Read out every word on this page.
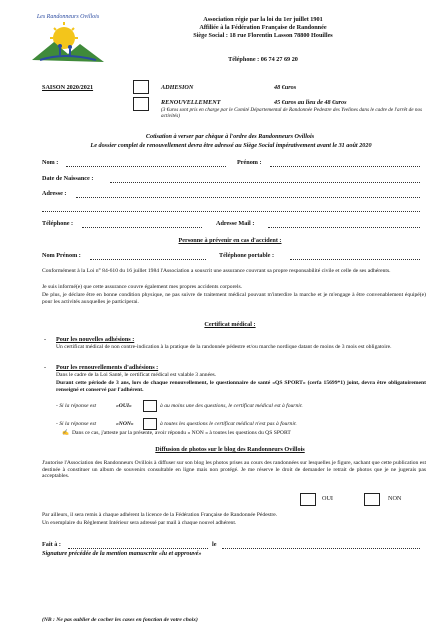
Les Randonneurs Ovillois	Association régie par la loi du 1er juillet 1901
Affiliée à la Fédération Française de Randonnée
Siège Social : 18 rue Florentin Lasson 78800 Houilles
Téléphone : 06 74 27 69 20
SAISON 2020/2021	ADHESION	48 €uros
RENOUVELLEMENT	45 €uros au lieu de 48 €uros
(3 €uros sont pris en charge par le Comité Départemental de Randonnée Pedestre des Yvelines dans le cadre de l'arrêt de nos activités)
Cotisation à verser par chèque à l'ordre des Randonneurs Ovillois
Le dossier complet de renouvellement devra être adressé au Siège Social impérativement avant le 31 août 2020
Nom :	Prénom :
Date de Naissance :
Adresse :
Téléphone :	Adresse Mail :
Personne à prévenir en cas d'accident :
Nom Prénom :	Téléphone portable :
Conformément à la Loi n° 84-610 du 16 juillet 1984 l'Association a souscrit une assurance couvrant sa propre responsabilité civile et celle de ses adhérents.
Je suis informé(e) que cette assurance couvre également mes propres accidents corporels.
De plus, je déclare être en bonne condition physique, ne pas suivre de traitement médical pouvant m'interdire la marche et je m'engage à être convenablement équipé(e) pour les activités auxquelles je participerai.
Certificat médical :
- Pour les nouvelles adhésions :
Un certificat médical de non contre-indication à la pratique de la randonnée pédestre et/ou marche nordique datant de moins de 3 mois est obligatoire.
- Pour les renouvellements d'adhésions :
Dans le cadre de la Loi Santé, le certificat médical est valable 3 années.
Durant cette période de 3 ans, lors de chaque renouvellement, le questionnaire de santé «QS SPORT» (cerfa 15699*1) joint, devra être obligatoirement renseigné et conservé par l'adhérent.
- Si la réponse est	«OUI»	à au moins une des questions, le certificat médical est à fournir.
- Si la réponse est	«NON»	à toutes les questions le certificat médical n'est pas à fournir.
✍ Dans ce cas, j'atteste par la présente, avoir répondu « NON » à toutes les questions du QS SPORT
Diffusion de photos sur le blog des Randonneurs Ovillois
J'autorise l'Association des Randonneurs Ovillois à diffuser sur son blog les photos prises au cours des randonnées sur lesquelles je figure, sachant que cette publication est destinée à constituer un album de souvenirs consultable en ligne mais non protégé. Je me réserve le droit de demander le retrait de photos que je ne jugerais pas acceptables.
OUI	NON
Par ailleurs, il sera remis à chaque adhérent la licence de la Fédération Française de Randonnée Pédestre.
Un exemplaire du Règlement Intérieur sera adressé par mail à chaque nouvel adhérent.
Fait à :	le
Signature précédée de la mention manuscrite «lu et approuvé»
(NB : Ne pas oublier de cocher les cases en fonction de votre choix)
